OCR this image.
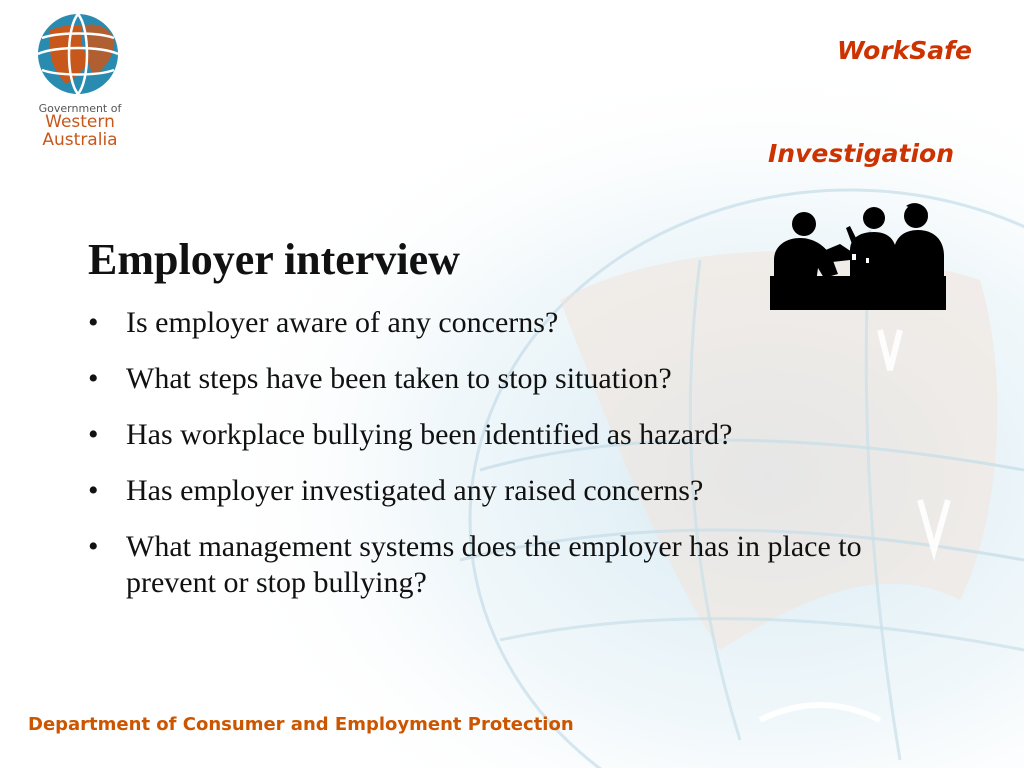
Government of
Western
Australia
WorkSafe
Investigation
Employer interview
• Is employer aware of any concerns?
• What steps have been taken to stop situation?
• Has workplace bullying been identified as hazard?
• Has employer investigated any raised concerns?
• What management systems does the employer has in place to prevent or stop bullying?
Department of Consumer and Employment Protection
